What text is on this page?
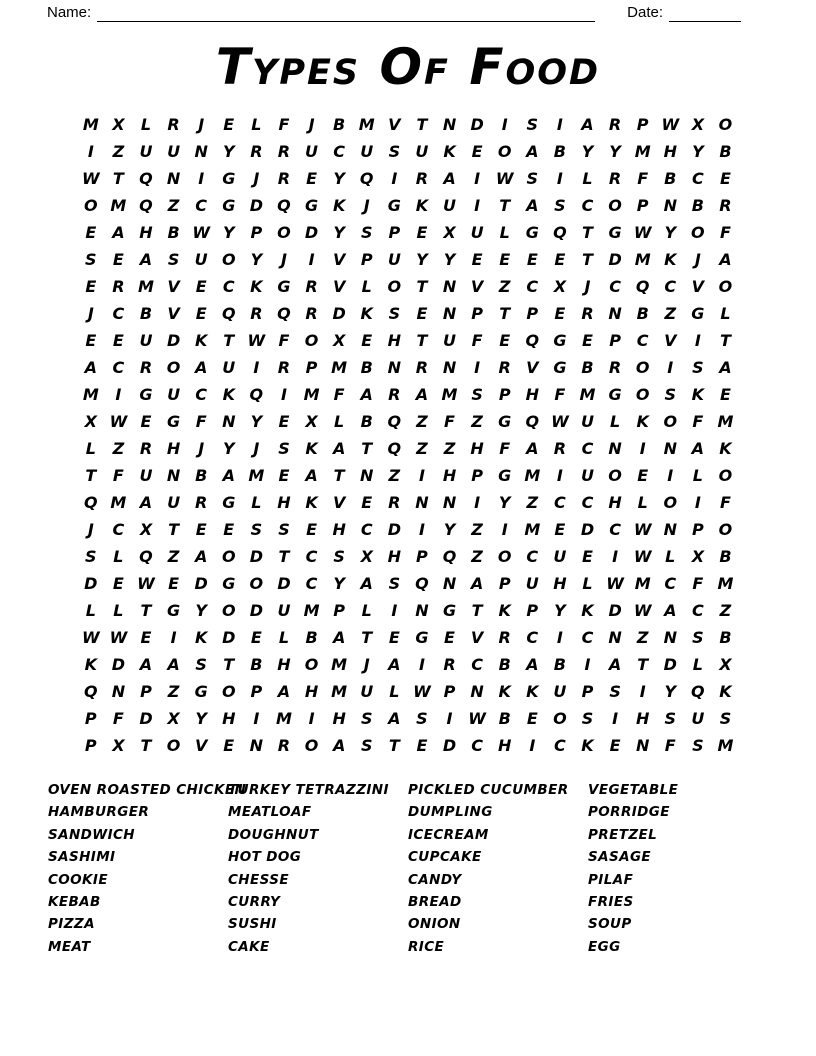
Name:	Date:
Types Of Food
M X	L	R	J	E	L	F	J	B M V T N D	I	S	I	A R P W X O
I	Z U U N Y R R U C U S U K E O A B Y	Y M H Y B
W T Q N	I	G	J	R E	Y Q	I	R A	I W S	I	L	R F	B C	E
O M Q Z C G D Q G K	J	G K U	I	T A S C O P N B R
E A H B W Y P O D Y	S P	E X U L G Q T G W Y O F
S	E A S U O Y	J	I	V P U Y	Y	E	E	E	E	T D M K	J	A
E R M V E	C K G R V	L O T N V Z C X	J	C Q C V O
J	C B V E Q R Q R D K S	E N P	T	P	E R N B Z G L
E	E U D K T W F O X E H T U F	E Q G E	P C V	I	T
A C R O A U	I	R P M B N R N	I	R V G B R O	I	S A
M	I	G U C K Q	I	M F A R A M S P H F M G O S K E
X W E G F N Y	E X	L	B Q Z	F	Z G Q W U L	K O F M
L	Z R H	J	Y	J	S K A T Q Z Z H F A R C N	I	N A K
T	F U N B A M E A T N Z	I	H P G M	I	U O E	I	L O
Q M A U R G L H K V E R N N	I	Y Z C C H L O	I	F
J	C X T	E	E	S	S	E H C D	I	Y Z	I	M E D C W N P O
S	L Q Z A O D T	C S X H P Q Z O C U E	I W L	X B
D E W E D G O D C Y A S Q N A P U H L W M C	F M
L	L	T G Y O D U M P	L	I	N G T K P Y K D W A C Z
W W E	I	K D E	L	B A T	E G E V R C	I	C N Z N S B
K D A A S	T	B H O M	J	A	I	R C B A B	I	A T D L	X
Q N P Z G O P A H M U L W P N K K U P S	I	Y Q K
P	F D X Y H	I	M	I	H S A S	I W B	E O S	I	H S U S
P X T O V E N R O A S	T	E D C H	I	C K E N F	S M
OVEN ROASTED CHICKEN
HAMBURGER
SANDWICH
SASHIMI
COOKIE
KEBAB
PIZZA
MEAT
TURKEY TETRAZZINI
MEATLOAF
DOUGHNUT
HOT DOG
CHESSE
CURRY
SUSHI
CAKE
PICKLED CUCUMBER
DUMPLING
ICECREAM
CUPCAKE
CANDY
BREAD
ONION
RICE
VEGETABLE
PORRIDGE
PRETZEL
SASAGE
PILAF
FRIES
SOUP
EGG
